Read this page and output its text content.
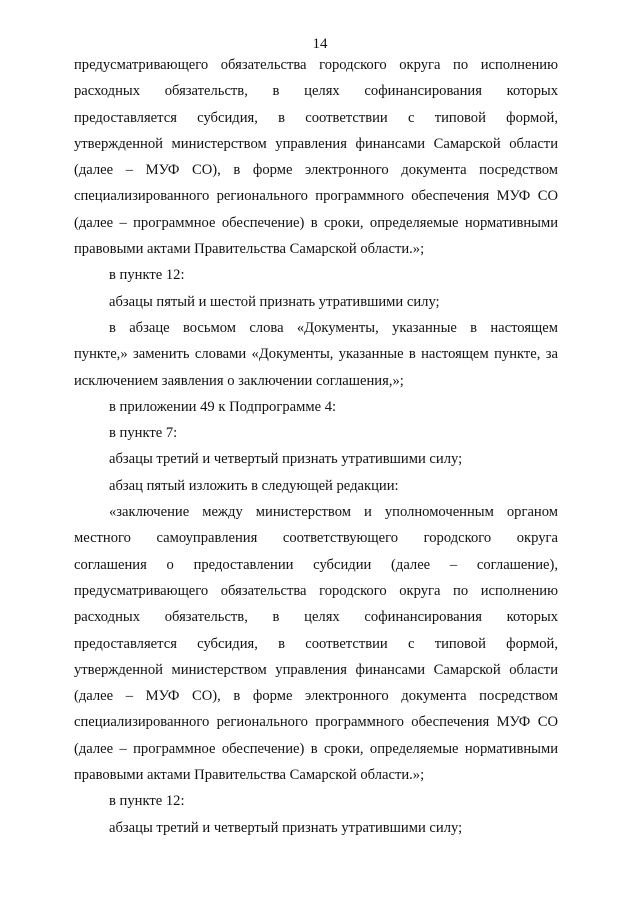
14
предусматривающего обязательства городского округа по исполнению
расходных обязательств, в целях софинансирования которых
предоставляется субсидия, в соответствии с типовой формой,
утвержденной министерством управления финансами Самарской области
(далее – МУФ СО), в форме электронного документа посредством
специализированного регионального программного обеспечения МУФ СО
(далее – программное обеспечение) в сроки, определяемые нормативными
правовыми актами Правительства Самарской области.»;
в пункте 12:
абзацы пятый и шестой признать утратившими силу;
в абзаце восьмом слова «Документы, указанные в настоящем
пункте,» заменить словами «Документы, указанные в настоящем пункте, за
исключением заявления о заключении соглашения,»;
в приложении 49 к Подпрограмме 4:
в пункте 7:
абзацы третий и четвертый признать утратившими силу;
абзац пятый изложить в следующей редакции:
«заключение между министерством и уполномоченным органом
местного самоуправления соответствующего городского округа
соглашения о предоставлении субсидии (далее – соглашение),
предусматривающего обязательства городского округа по исполнению
расходных обязательств, в целях софинансирования которых
предоставляется субсидия, в соответствии с типовой формой,
утвержденной министерством управления финансами Самарской области
(далее – МУФ СО), в форме электронного документа посредством
специализированного регионального программного обеспечения МУФ СО
(далее – программное обеспечение) в сроки, определяемые нормативными
правовыми актами Правительства Самарской области.»;
в пункте 12:
абзацы третий и четвертый признать утратившими силу;
